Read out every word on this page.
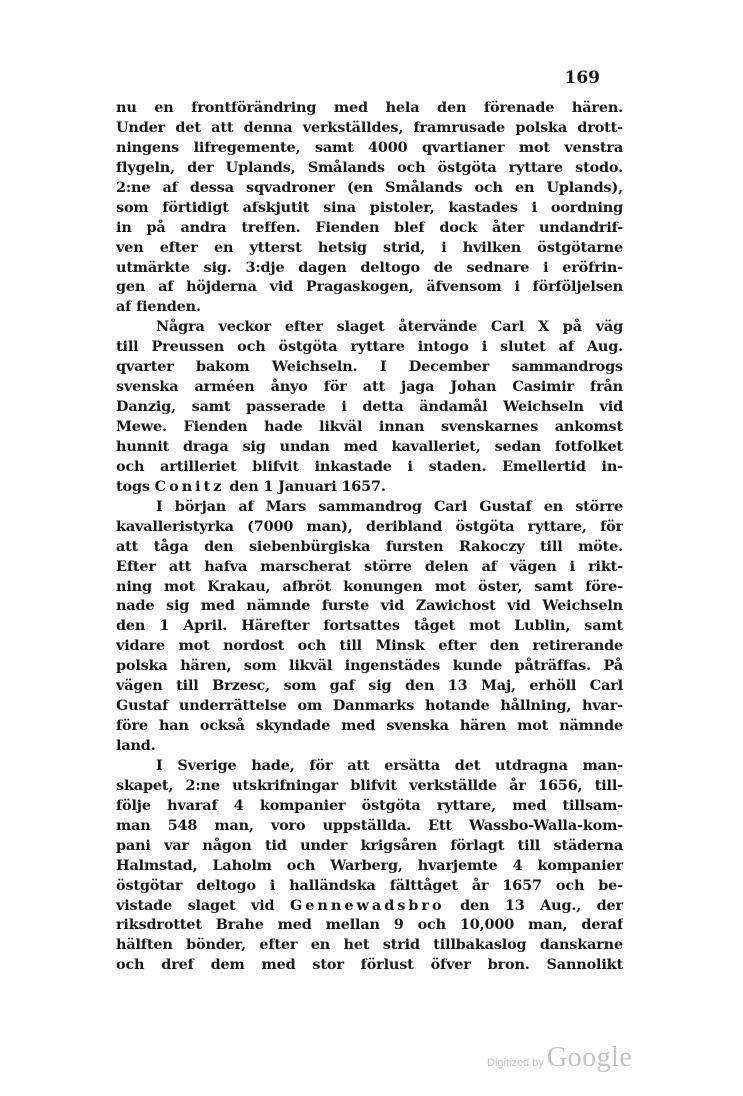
169
nu en frontförändring med hela den förenade hären.
Under det att denna verkställdes, framrusade polska drott-
ningens lifregemente, samt 4000 qvartianer mot venstra
flygeln, der Uplands, Smålands och östgöta ryttare stodo.
2:ne af dessa sqvadroner (en Smålands och en Uplands),
som förtidigt afskjutit sina pistoler, kastades i oordning
in på andra treffen. Fienden blef dock åter undandrif-
ven efter en ytterst hetsig strid, i hvilken östgötarne
utmärkte sig. 3:dje dagen deltogo de sednare i eröfrin-
gen af höjderna vid Pragaskogen, äfvensom i förföljelsen
af fienden.
Några veckor efter slaget återvände Carl X på väg
till Preussen och östgöta ryttare intogo i slutet af Aug.
qvarter bakom Weichseln. I December sammandrogs
svenska arméen ånyo för att jaga Johan Casimir från
Danzig, samt passerade i detta ändamål Weichseln vid
Mewe. Fienden hade likväl innan svenskarnes ankomst
hunnit draga sig undan med kavalleriet, sedan fotfolket
och artilleriet blifvit inkastade i staden. Emellertid in-
togs Conitz den 1 Januari 1657.
I början af Mars sammandrog Carl Gustaf en större
kavalleristyrka (7000 man), deribland östgöta ryttare, för
att tåga den siebenbürgiska fursten Rakoczy till möte.
Efter att hafva marscherat större delen af vägen i rikt-
ning mot Krakau, afbröt konungen mot öster, samt före-
nade sig med nämnde furste vid Zawichost vid Weichseln
den 1 April. Härefter fortsattes tåget mot Lublin, samt
vidare mot nordost och till Minsk efter den retirerande
polska hären, som likväl ingenstädes kunde påträffas. På
vägen till Brzesc, som gaf sig den 13 Maj, erhöll Carl
Gustaf underrättelse om Danmarks hotande hållning, hvar-
före han också skyndade med svenska hären mot nämnde
land.
I Sverige hade, för att ersätta det utdragna man-
skapet, 2:ne utskrifningar blifvit verkställde år 1656, till-
följe hvaraf 4 kompanier östgöta ryttare, med tillsam-
man 548 man, voro uppställda. Ett Wassbo-Walla-kom-
pani var någon tid under krigsåren förlagt till städerna
Halmstad, Laholm och Warberg, hvarjemte 4 kompanier
östgötar deltogo i halländska fälttåget år 1657 och be-
vistade slaget vid Gennewadsbro den 13 Aug., der
riksdrottet Brahe med mellan 9 och 10,000 man, deraf
hälften bönder, efter en het strid tillbakaslog danskarne
och dref dem med stor förlust öfver bron. Sannolikt
Digitized by Google
